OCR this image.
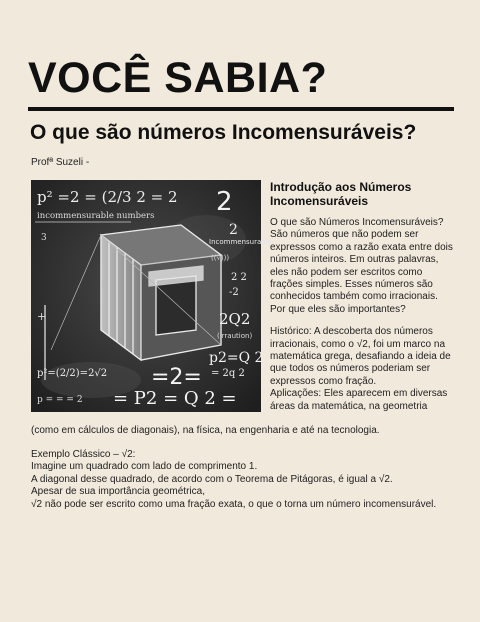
VOCÊ SABIA?
O que são números Incomensuráveis?
Profª Suzeli -
p² =2 = (2/3 2 = 2
incommensurable numbers 2
2
+
3	Incommensurable
((√)))
2 2
-2
2Q2
(irraution)
p2=Q 2
= 2q 2
p²=(2/2)=2√2 =2=
p = = = 2 = P2 = Q 2 =
Introdução aos Números Incomensuráveis

O que são Números Incomensuráveis? São números que não podem ser expressos como a razão exata entre dois números inteiros. Em outras palavras, eles não podem ser escritos como frações simples. Esses números são conhecidos também como irracionais. Por que eles são importantes?

Histórico: A descoberta dos números irracionais, como o √2, foi um marco na matemática grega, desafiando a ideia de que todos os números poderiam ser expressos como fração.

Aplicações: Eles aparecem em diversas áreas da matemática, na geometria

(como em cálculos de diagonais), na física, na engenharia e até na tecnologia.

Exemplo Clássico – √2:

Imagine um quadrado com lado de comprimento 1.

A diagonal desse quadrado, de acordo com o Teorema de Pitágoras, é igual a √2.

Apesar de sua importância geométrica,

√2 não pode ser escrito como uma fração exata, o que o torna um número incomensurável.
